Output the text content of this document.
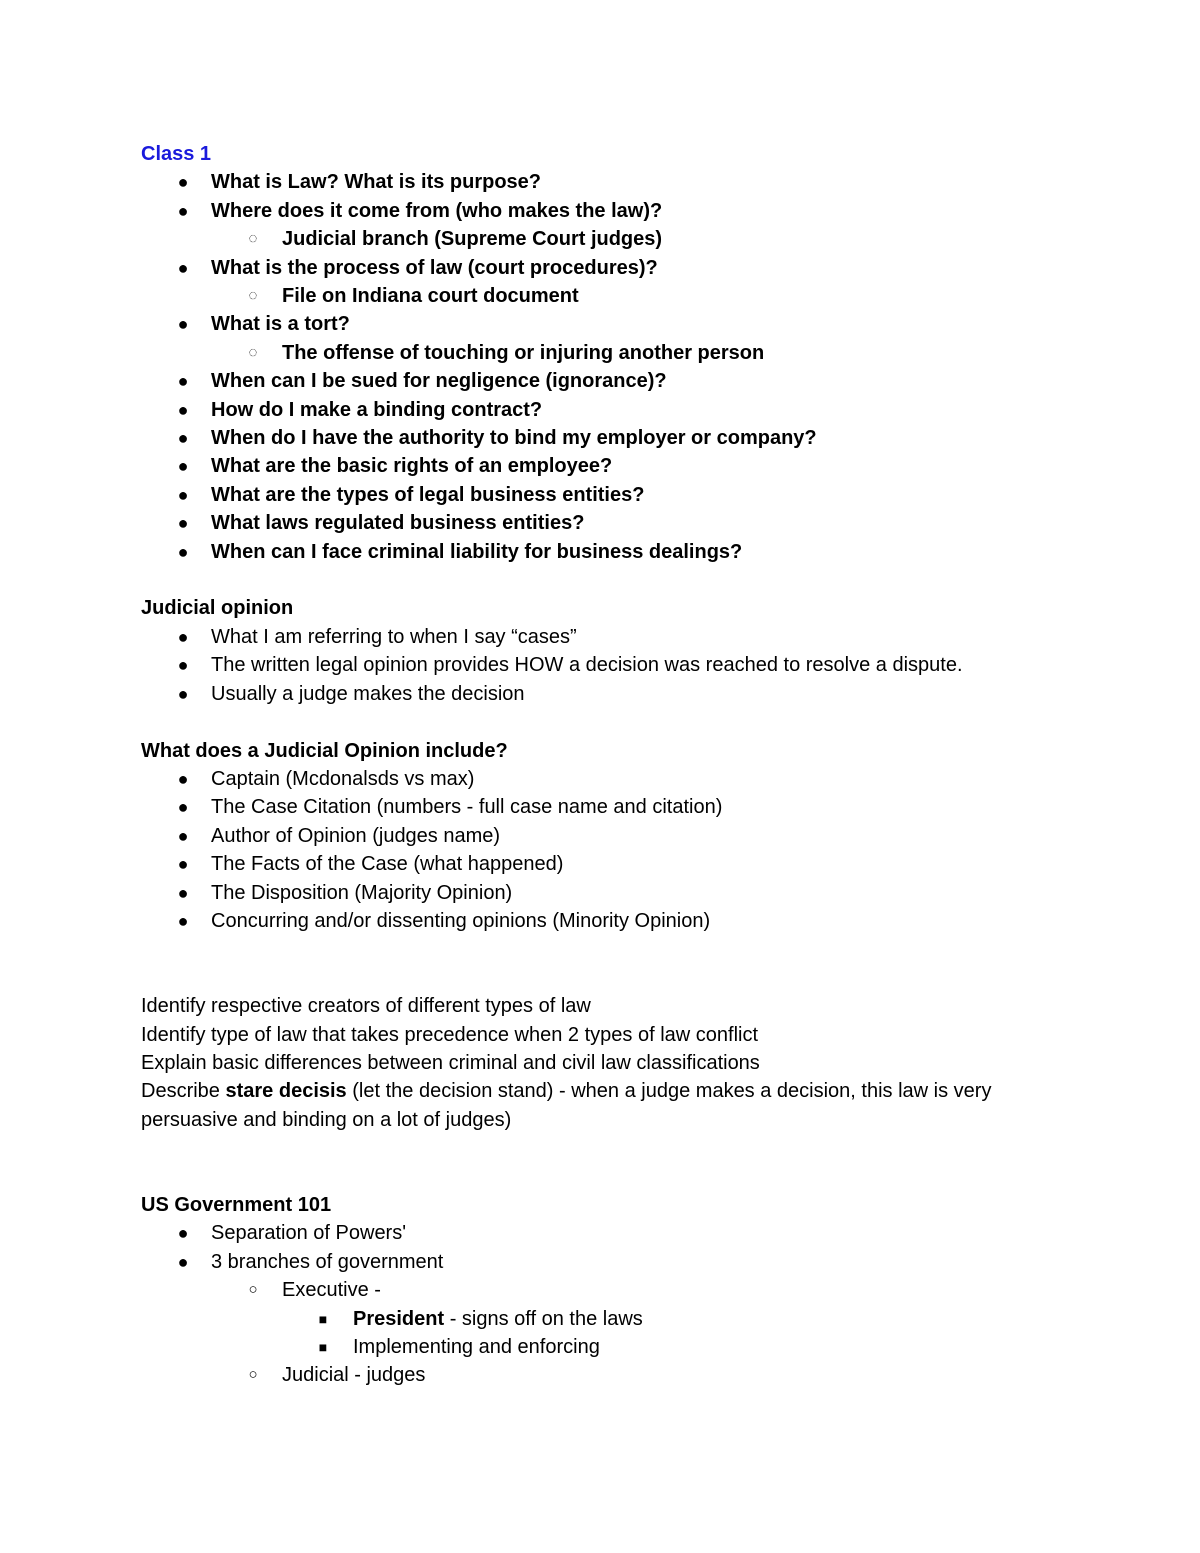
Class 1
● What is Law? What is its purpose?
● Where does it come from (who makes the law)?
◌ Judicial branch (Supreme Court judges)
● What is the process of law (court procedures)?
◌ File on Indiana court document
● What is a tort?
◌ The offense of touching or injuring another person
● When can I be sued for negligence (ignorance)?
● How do I make a binding contract?
● When do I have the authority to bind my employer or company?
● What are the basic rights of an employee?
● What are the types of legal business entities?
● What laws regulated business entities?
● When can I face criminal liability for business dealings?
Judicial opinion
● What I am referring to when I say “cases”
● The written legal opinion provides HOW a decision was reached to resolve a dispute.
● Usually a judge makes the decision
What does a Judicial Opinion include?
● Captain (Mcdonalsds vs max)
● The Case Citation (numbers - full case name and citation)
● Author of Opinion (judges name)
● The Facts of the Case (what happened)
● The Disposition (Majority Opinion)
● Concurring and/or dissenting opinions (Minority Opinion)

Identify respective creators of different types of law

Identify type of law that takes precedence when 2 types of law conflict

Explain basic differences between criminal and civil law classifications

Describe stare decisis (let the decision stand) - when a judge makes a decision, this law is very persuasive and binding on a lot of judges)

US Government 101
● Separation of Powers'
● 3 branches of government
○ Executive -
■ President - signs off on the laws
■ Implementing and enforcing
○ Judicial - judges
